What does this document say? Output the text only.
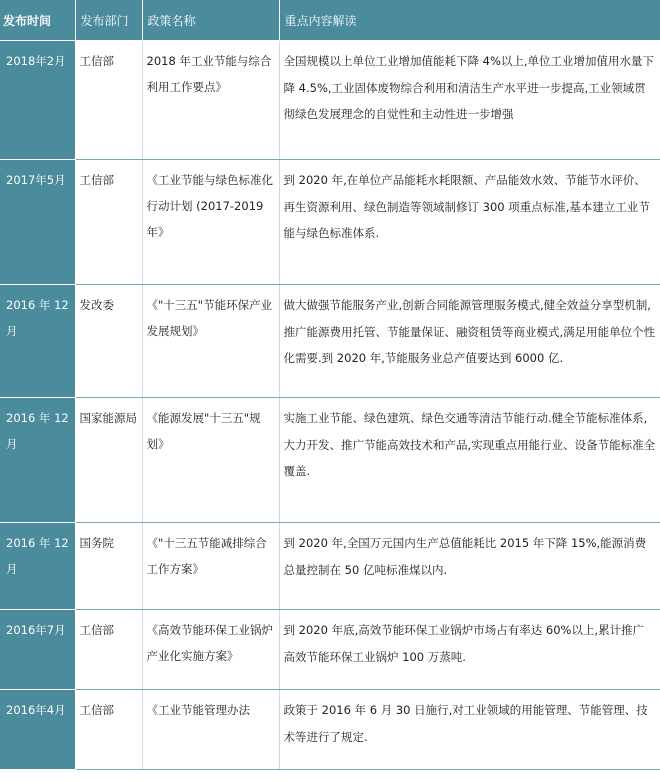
发布时间	发布部门	政策名称	重点内容解读
2018年2月	工信部	2018 年工业节能与综合利用工作要点》	全国规模以上单位工业增加值能耗下降 4%以上,单位工业增加值用水量下降 4.5%,工业固体废物综合利用和清洁生产水平进一步提高,工业领域贯彻绿色发展理念的自觉性和主动性进一步增强
2017年5月	工信部	《工业节能与绿色标准化行动计划 (2017-2019 年》	到 2020 年,在单位产品能耗水耗限额、产品能效水效、节能节水评价、再生资源利用、绿色制造等领域制修订 300 项重点标准,基本建立工业节能与绿色标准体系.
2016 年 12 月	发改委	《"十三五"节能环保产业发展规划》	做大做强节能服务产业,创新合同能源管理服务模式,健全效益分享型机制,推广能源费用托管、节能量保证、融资租赁等商业模式,满足用能单位个性化需要.到 2020 年,节能服务业总产值要达到 6000 亿.
2016 年 12 月	国家能源局	《能源发展"十三五"规划》	实施工业节能、绿色建筑、绿色交通等清洁节能行动.健全节能标准体系,大力开发、推广节能高效技术和产品,实现重点用能行业、设备节能标准全覆盖.
2016 年 12 月	国务院	《"十三五节能减排综合工作方案》	到 2020 年,全国万元国内生产总值能耗比 2015 年下降 15%,能源消费总量控制在 50 亿吨标准煤以内.
2016年7月	工信部	《高效节能环保工业锅炉产业化实施方案》	到 2020 年底,高效节能环保工业锅炉市场占有率达 60%以上,累计推广高效节能环保工业锅炉 100 万蒸吨.
2016年4月	工信部	《工业节能管理办法	政策于 2016 年 6 月 30 日施行,对工业领域的用能管理、节能管理、技术等进行了规定.
